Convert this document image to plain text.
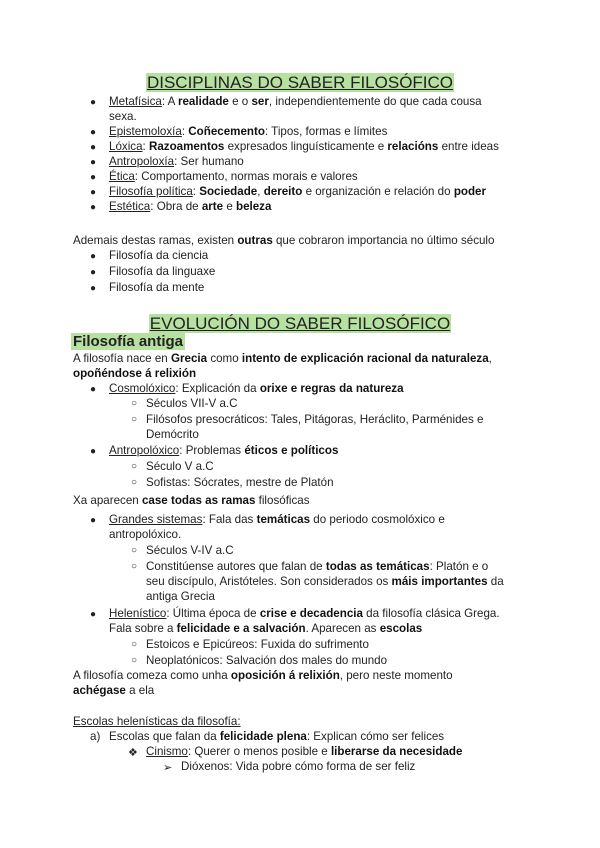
DISCIPLINAS DO SABER FILOSÓFICO
● Metafísica: A realidade e o ser, independientemente do que cada cousa
sexa.
● Epistemoloxía: Coñecemento: Tipos, formas e límites
● Lóxica: Razoamentos expresados linguísticamente e relacións entre ideas
● Antropoloxía: Ser humano
● Ética: Comportamento, normas morais e valores
● Filosofía política: Sociedade, dereito e organización e relación do poder
● Estética: Obra de arte e beleza
Ademais destas ramas, existen outras que cobraron importancia no último século
● Filosofía da ciencia
● Filosofía da linguaxe
● Filosofía da mente
EVOLUCIÓN DO SABER FILOSÓFICO
Filosofía antiga
A filosofía nace en Grecia como intento de explicación racional da naturaleza,
opoñéndose á relixión
● Cosmolóxico: Explicación da orixe e regras da natureza
○ Séculos VII-V a.C
○ Filósofos presocráticos: Tales, Pitágoras, Heráclito, Parménides e
Demócrito
● Antropolóxico: Problemas éticos e políticos
○ Século V a.C
○ Sofistas: Sócrates, mestre de Platón
Xa aparecen case todas as ramas filosóficas
● Grandes sistemas: Fala das temáticas do periodo cosmolóxico e
antropolóxico.
○ Séculos V-IV a.C
○ Constitúense autores que falan de todas as temáticas: Platón e o
seu discípulo, Aristóteles. Son considerados os máis importantes da
antiga Grecia
● Helenístico: Última época de crise e decadencia da filosofía clásica Grega.
Fala sobre a felicidade e a salvación. Aparecen as escolas
○ Estoicos e Epicúreos: Fuxida do sufrimento
○ Neoplatónicos: Salvación dos males do mundo
A filosofía comeza como unha oposición á relixión, pero neste momento
achégase a ela
Escolas helenísticas da filosofía:
a) Escolas que falan da felicidade plena: Explican cómo ser felices
❖ Cinismo: Querer o menos posible e liberarse da necesidade
➢ Dióxenos: Vida pobre cómo forma de ser feliz
